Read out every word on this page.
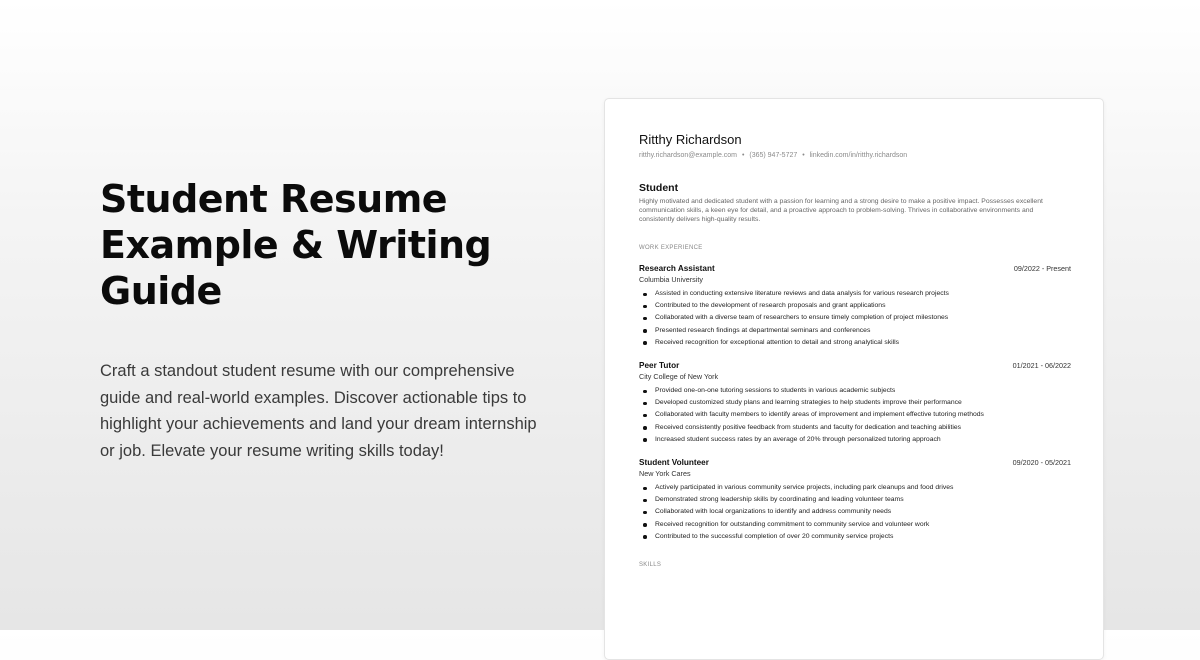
Student Resume Example & Writing Guide

Craft a standout student resume with our comprehensive guide and real-world examples. Discover actionable tips to highlight your achievements and land your dream internship or job. Elevate your resume writing skills today!

Ritthy Richardson
ritthy.richardson@example.com • (365) 947-5727 • linkedin.com/in/ritthy.richardson
Student
Highly motivated and dedicated student with a passion for learning and a strong desire to make a positive impact. Possesses excellent communication skills, a keen eye for detail, and a proactive approach to problem-solving. Thrives in collaborative environments and consistently delivers high-quality results.
WORK EXPERIENCE
Research Assistant	09/2022 - Present
Columbia University
Assisted in conducting extensive literature reviews and data analysis for various research projects
Contributed to the development of research proposals and grant applications
Collaborated with a diverse team of researchers to ensure timely completion of project milestones
Presented research findings at departmental seminars and conferences
Received recognition for exceptional attention to detail and strong analytical skills
Peer Tutor	01/2021 - 06/2022
City College of New York
Provided one-on-one tutoring sessions to students in various academic subjects
Developed customized study plans and learning strategies to help students improve their performance
Collaborated with faculty members to identify areas of improvement and implement effective tutoring methods
Received consistently positive feedback from students and faculty for dedication and teaching abilities
Increased student success rates by an average of 20% through personalized tutoring approach
Student Volunteer	09/2020 - 05/2021
New York Cares
Actively participated in various community service projects, including park cleanups and food drives
Demonstrated strong leadership skills by coordinating and leading volunteer teams
Collaborated with local organizations to identify and address community needs
Received recognition for outstanding commitment to community service and volunteer work
Contributed to the successful completion of over 20 community service projects
SKILLS
